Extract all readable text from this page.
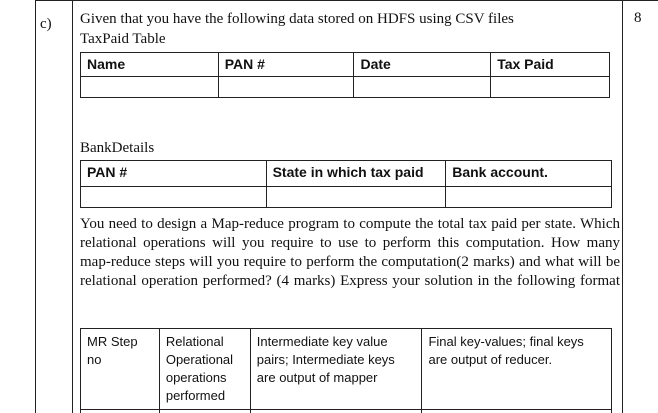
c)	8
Given that you have the following data stored on HDFS using CSV files
TaxPaid Table
Name	PAN #	Date	Tax Paid

BankDetails
PAN #	State in which tax paid	Bank account.

You need to design a Map-reduce program to compute the total tax paid per state. Which relational operations will you require to use to perform this computation. How many map-reduce steps will you require to perform the computation(2 marks) and what will be relational operation performed? (4 marks) Express your solution in the following format
MR Step no	Relational Operational operations performed	Intermediate key value pairs; Intermediate keys are output of mapper	Final key-values; final keys are output of reducer.
